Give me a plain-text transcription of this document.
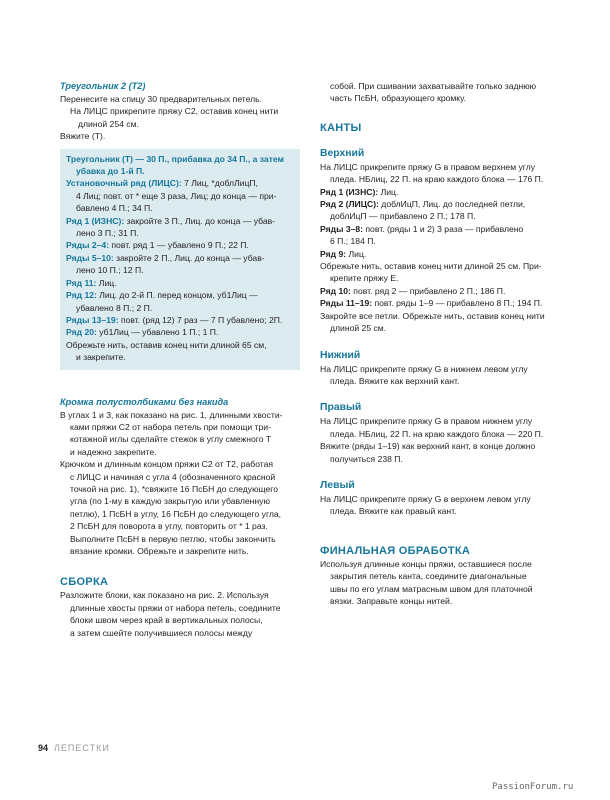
Треугольник 2 (Т2)

Перенесите на спицу 30 предварительных петель.

На ЛИЦС прикрепите пряжу С2, оставив конец нити

длиной 254 см.

Вяжите (Т).

Треугольник (Т) — 30 П., прибавка до 34 П., а затем

убавка до 1-й П.

Установочный ряд (ЛИЦС): 7 Лиц, *доблЛицП,

4 Лиц; повт. от * еще 3 раза, Лиц; до конца — при-

бавлено 4 П.; 34 П.

Ряд 1 (ИЗНС): закройте 3 П., Лиц. до конца — убав-

лено 3 П.; 31 П.

Ряды 2–4: повт. ряд 1 — убавлено 9 П.; 22 П.

Ряды 5–10: закройте 2 П., Лиц. до конца — убав-

лено 10 П.; 12 П.

Ряд 11: Лиц.

Ряд 12: Лиц. до 2-й П. перед концом, уб1Лиц —

убавлено 8 П.; 2 П.

Ряды 13–19: повт. (ряд 12) 7 раз — 7 П убавлено; 2П.

Ряд 20: уб1Лиц — убавлено 1 П.; 1 П.

Обрежьте нить, оставив конец нити длиной 65 см,

и закрепите.

Кромка полустолбиками без накида

В углах 1 и 3, как показано на рис. 1, длинными хвости-

ками пряжи С2 от набора петель при помощи три-

котажной иглы сделайте стежок в углу смежного Т

и надежно закрепите.

Крючком и длинным концом пряжи С2 от Т2, работая

с ЛИЦС и начиная с угла 4 (обозначенного красной

точкой на рис. 1), *свяжите 16 ПсБН до следующего

угла (по 1-му в каждую закрытую или убавленную

петлю), 1 ПсБН в углу, 16 ПсБН до следующего угла,

2 ПсБН для поворота в углу, повторить от * 1 раз.

Выполните ПсБН в первую петлю, чтобы закончить

вязание кромки. Обрежьте и закрепите нить.

СБОРКА

Разложите блоки, как показано на рис. 2. Используя

длинные хвосты пряжи от набора петель, соедините

блоки швом через край в вертикальных полосы,

а затем сшейте получившиеся полосы между

собой. При сшивании захватывайте только заднюю

часть ПсБН, образующего кромку.

КАНТЫ
Верхний

На ЛИЦС прикрепите пряжу G в правом верхнем углу

пледа. НБлиц, 22 П. на краю каждого блока — 176 П.

Ряд 1 (ИЗНС): Лиц.

Ряд 2 (ЛИЦС): доблИцП, Лиц. до последней петли,

доблИцП — прибавлено 2 П.; 178 П.

Ряды 3–8: повт. (ряды 1 и 2) 3 раза — прибавлено

6 П.; 184 П.

Ряд 9: Лиц.

Обрежьте нить, оставив конец нити длиной 25 см. При-

крепите пряжу E.

Ряд 10: повт. ряд 2 — прибавлено 2 П.; 186 П.

Ряды 11–19: повт. ряды 1–9 — прибавлено 8 П.; 194 П.

Закройте все петли. Обрежьте нить, оставив конец нити

длиной 25 см.

Нижний

На ЛИЦС прикрепите пряжу G в нижнем левом углу

пледа. Вяжите как верхний кант.

Правый

На ЛИЦС прикрепите пряжу G в правом нижнем углу

пледа. НБлиц, 22 П. на краю каждого блока — 220 П.

Вяжите (ряды 1–19) как верхний кант, в конце должно

получиться 238 П.

Левый

На ЛИЦС прикрепите пряжу G в верхнем левом углу

пледа. Вяжите как правый кант.

ФИНАЛЬНАЯ ОБРАБОТКА

Используя длинные концы пряжи, оставшиеся после

закрытия петель канта, соедините диагональные

швы по его углам матрасным швом для платочной

вязки. Заправьте концы нитей.

94 ЛЕПЕСТКИ
PassionForum.ru
